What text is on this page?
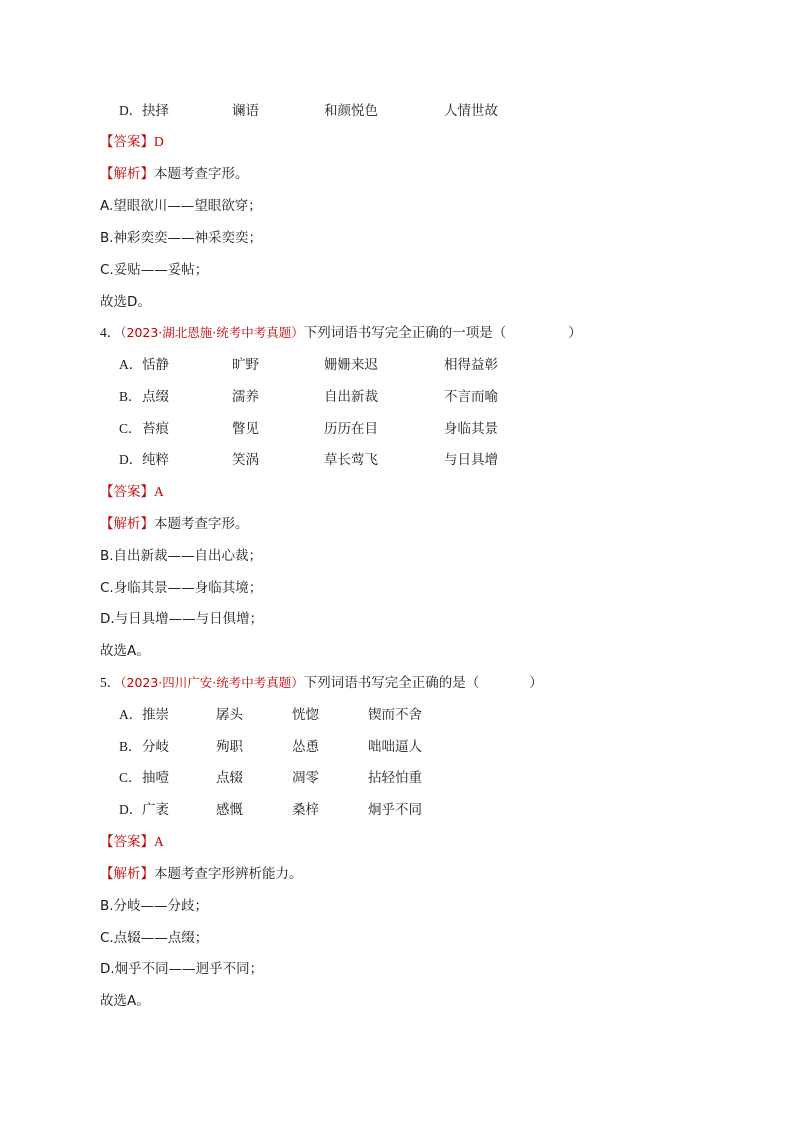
D． 抉择	谰语	和颜悦色	人情世故
【答案】D
【解析】本题考查字形。
A.望眼欲川——望眼欲穿；
B.神彩奕奕——神采奕奕；
C.妥贴——妥帖；
故选D。
4．（2023·湖北恩施·统考中考真题）下列词语书写完全正确的一项是（	）
A． 恬静	旷野	姗姗来迟	相得益彰
B． 点缀	濡养	自出新裁	不言而喻
C． 苔痕	瞥见	历历在目	身临其景
D． 纯粹	笑涡	草长莺飞	与日具增
【答案】A
【解析】本题考查字形。
B.自出新裁——自出心裁；
C.身临其景——身临其境；
D.与日具增——与日俱增；
故选A。
5．（2023·四川广安·统考中考真题）下列词语书写完全正确的是（	）
A． 推崇	孱头	恍惚	锲而不舍
B． 分岐	殉职	怂恿	咄咄逼人
C． 抽噎	点辍	凋零	拈轻怕重
D． 广袤	感慨	桑梓	炯乎不同
【答案】A
【解析】本题考查字形辨析能力。
B.分岐——分歧；
C.点辍——点缀；
D.炯乎不同——迥乎不同；
故选A。
